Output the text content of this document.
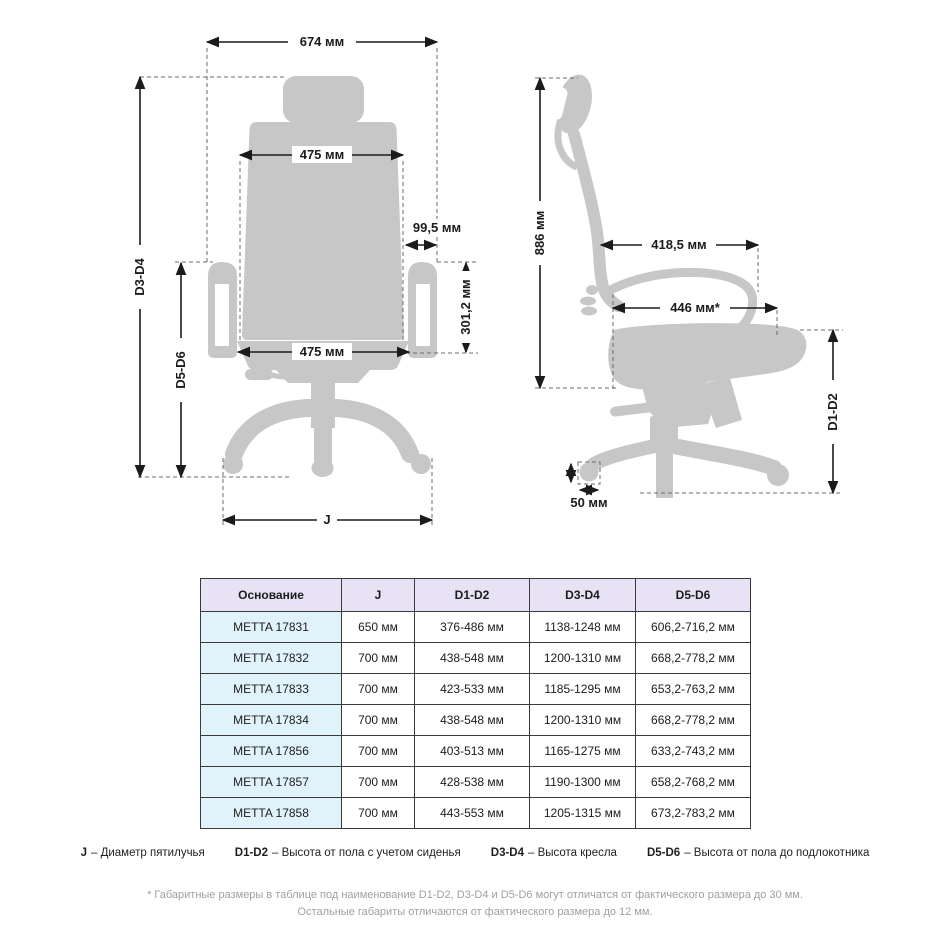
674 мм
D3-D4
475 мм
99,5 мм
301,2 мм
475 мм
D5-D6
J
886 мм	418,5 мм
446 мм*
D1-D2
50 мм
Основание	J	D1-D2	D3-D4	D5-D6
METTA 17831	650 мм	376-486 мм	1138-1248 мм	606,2-716,2 мм
METTA 17832	700 мм	438-548 мм	1200-1310 мм	668,2-778,2 мм
METTA 17833	700 мм	423-533 мм	1185-1295 мм	653,2-763,2 мм
METTA 17834	700 мм	438-548 мм	1200-1310 мм	668,2-778,2 мм
METTA 17856	700 мм	403-513 мм	1165-1275 мм	633,2-743,2 мм
METTA 17857	700 мм	428-538 мм	1190-1300 мм	658,2-768,2 мм
METTA 17858	700 мм	443-553 мм	1205-1315 мм	673,2-783,2 мм
J – Диаметр пятилучья	D1-D2 – Высота от пола с учетом сиденья	D3-D4 – Высота кресла	D5-D6 – Высота от пола до подлокотника
* Габаритные размеры в таблице под наименование D1-D2, D3-D4 и D5-D6 могут отличатся от фактического размера до 30 мм.
Остальные габариты отличаются от фактического размера до 12 мм.
